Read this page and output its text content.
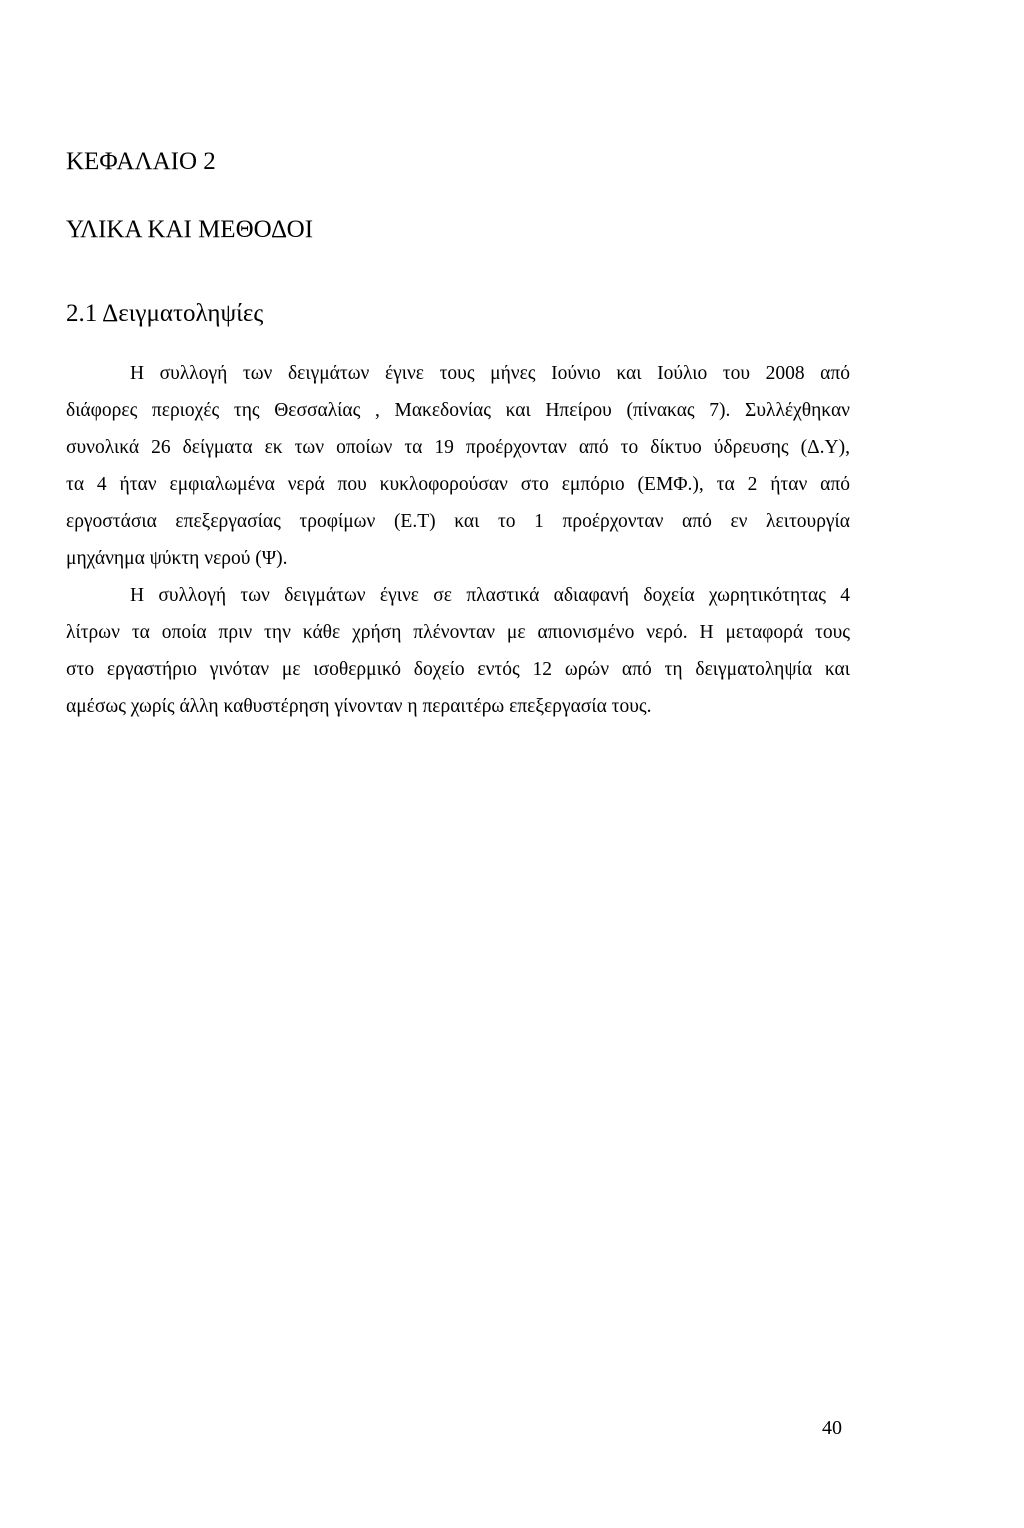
ΚΕΦΑΛΑΙΟ 2
ΥΛΙΚΑ ΚΑΙ ΜΕΘΟΔΟΙ
2.1 Δειγματοληψίες
Η συλλογή των δειγμάτων έγινε τους μήνες Ιούνιο και Ιούλιο του 2008 από
διάφορες περιοχές της Θεσσαλίας , Μακεδονίας και Ηπείρου (πίνακας 7). Συλλέχθηκαν
συνολικά 26 δείγματα εκ των οποίων τα 19 προέρχονταν από το δίκτυο ύδρευσης (Δ.Υ),
τα 4 ήταν εμφιαλωμένα νερά που κυκλοφορούσαν στο εμπόριο (ΕΜΦ.), τα 2 ήταν από
εργοστάσια επεξεργασίας τροφίμων (Ε.Τ) και το 1 προέρχονταν από εν λειτουργία
μηχάνημα ψύκτη νερού (Ψ).
Η συλλογή των δειγμάτων έγινε σε πλαστικά αδιαφανή δοχεία χωρητικότητας 4
λίτρων τα οποία πριν την κάθε χρήση πλένονταν με απιονισμένο νερό. Η μεταφορά τους
στο εργαστήριο γινόταν με ισοθερμικό δοχείο εντός 12 ωρών από τη δειγματοληψία και
αμέσως χωρίς άλλη καθυστέρηση γίνονταν η περαιτέρω επεξεργασία τους.
40
